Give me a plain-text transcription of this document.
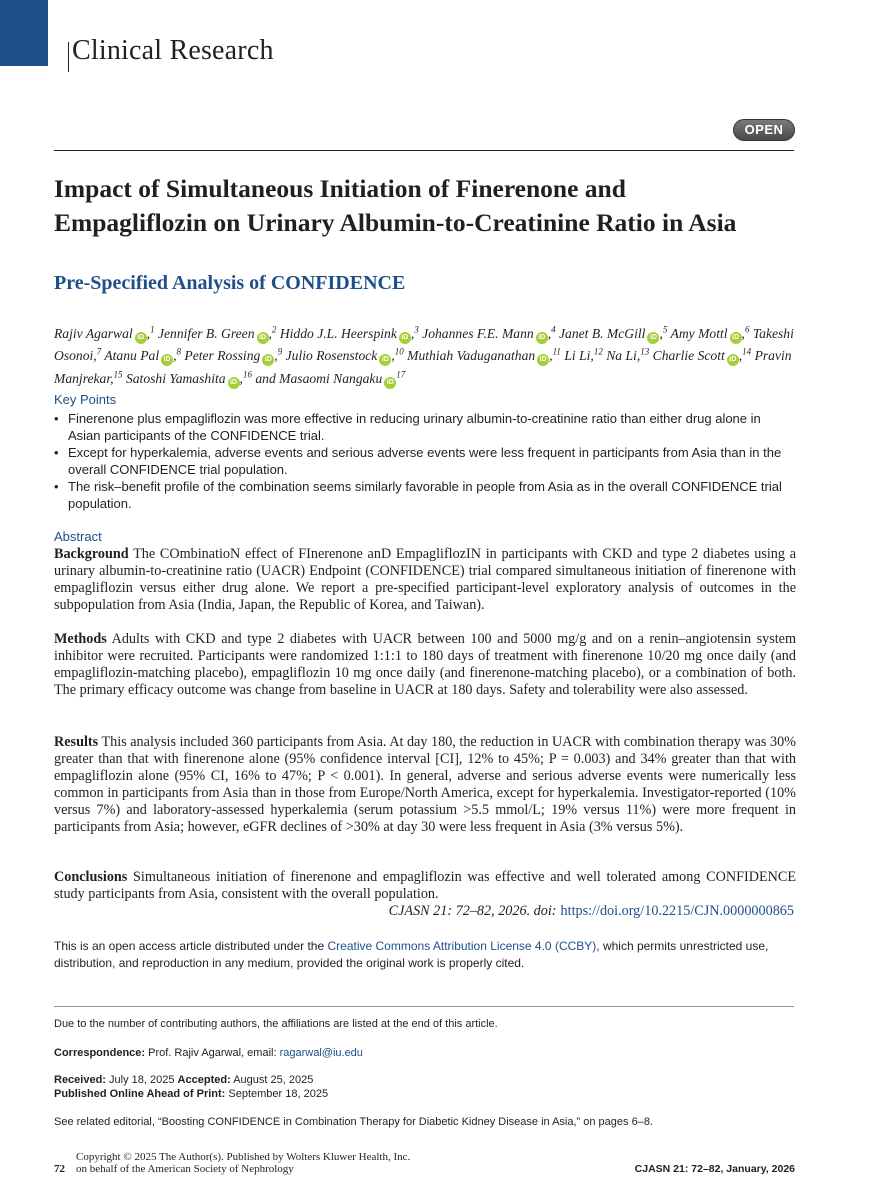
Clinical Research
OPEN
Impact of Simultaneous Initiation of Finerenone and Empagliflozin on Urinary Albumin-to-Creatinine Ratio in Asia
Pre-Specified Analysis of CONFIDENCE
Rajiv Agarwal iD ,$^1$ Jennifer B. Green iD ,$^2$ Hiddo J.L. Heerspink iD ,$^3$ Johannes F.E. Mann iD ,$^4$ Janet B. McGill iD ,$^5$ Amy Mottl iD ,$^6$ Takeshi Osonoi,$^7$ Atanu Pal iD ,$^8$ Peter Rossing iD ,$^9$ Julio Rosenstock iD ,$^{10}$ Muthiah Vaduganathan iD ,$^{11}$ Li Li,$^{12}$ Na Li,$^{13}$ Charlie Scott iD ,$^{14}$ Pravin Manjrekar,$^{15}$ Satoshi Yamashita iD ,$^{16}$ and Masaomi Nangaku $iD^{17}$
Key Points
• Finerenone plus empagliflozin was more effective in reducing urinary albumin-to-creatinine ratio than either drug alone in Asian participants of the CONFIDENCE trial.
• Except for hyperkalemia, adverse events and serious adverse events were less frequent in participants from Asia than in the overall CONFIDENCE trial population.
• The risk–benefit profile of the combination seems similarly favorable in people from Asia as in the overall CONFIDENCE trial population.
Abstract

Background The COmbinatioN effect of FInerenone anD EmpagliflozIN in participants with CKD and type 2 diabetes using a urinary albumin-to-creatinine ratio (UACR) Endpoint (CONFIDENCE) trial compared simultaneous initiation of finerenone with empagliflozin versus either drug alone. We report a pre-specified participant-level exploratory analysis of outcomes in the subpopulation from Asia (India, Japan, the Republic of Korea, and Taiwan).

Methods Adults with CKD and type 2 diabetes with UACR between 100 and 5000 mg/g and on a renin–angiotensin system inhibitor were recruited. Participants were randomized 1:1:1 to 180 days of treatment with finerenone 10/20 mg once daily (and empagliflozin-matching placebo), empagliflozin 10 mg once daily (and finerenone-matching placebo), or a combination of both. The primary efficacy outcome was change from baseline in UACR at 180 days. Safety and tolerability were also assessed.

Results This analysis included 360 participants from Asia. At day 180, the reduction in UACR with combination therapy was 30% greater than that with finerenone alone (95% confidence interval [CI], 12% to 45%; P = 0.003) and 34% greater than that with empagliflozin alone (95% CI, 16% to 47%; P < 0.001). In general, adverse and serious adverse events were numerically less common in participants from Asia than in those from Europe/North America, except for hyperkalemia. Investigator-reported (10% versus 7%) and laboratory-assessed hyperkalemia (serum potassium >5.5 mmol/L; 19% versus 11%) were more frequent in participants from Asia; however, eGFR declines of >30% at day 30 were less frequent in Asia (3% versus 5%).

Conclusions Simultaneous initiation of finerenone and empagliflozin was effective and well tolerated among CONFIDENCE study participants from Asia, consistent with the overall population.

CJASN 21: 72–82, 2026. doi: https://doi.org/10.2215/CJN.0000000865

This is an open access article distributed under the Creative Commons Attribution License 4.0 (CCBY), which permits unrestricted use, distribution, and reproduction in any medium, provided the original work is properly cited.

Due to the number of contributing authors, the affiliations are listed at the end of this article.
Correspondence: Prof. Rajiv Agarwal, email: ragarwal@iu.edu
Received: July 18, 2025 Accepted: August 25, 2025
Published Online Ahead of Print: September 18, 2025
See related editorial, “Boosting CONFIDENCE in Combination Therapy for Diabetic Kidney Disease in Asia,” on pages 6–8.
Copyright © 2025 The Author(s). Published by Wolters Kluwer Health, Inc.
on behalf of the American Society of Nephrology
72	CJASN 21: 72–82, January, 2026
